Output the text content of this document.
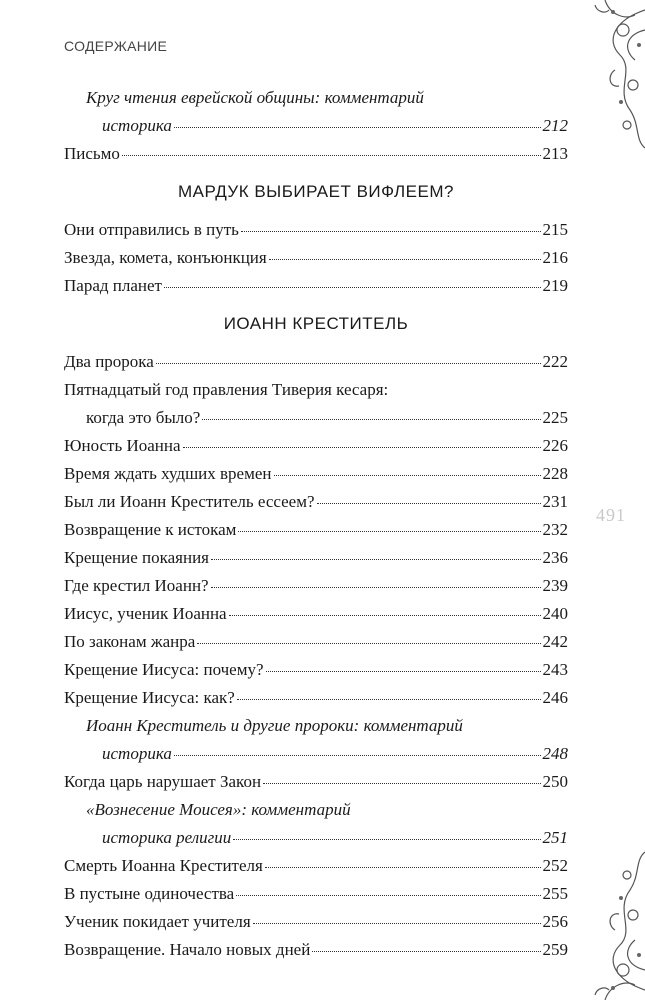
СОДЕРЖАНИЕ
491
Круг чтения еврейской общины: комментарий
историка	212
Письмо	213
МАРДУК ВЫБИРАЕТ ВИФЛЕЕМ?
Они отправились в путь	215
Звезда, комета, конъюнкция	216
Парад планет	219
ИОАНН КРЕСТИТЕЛЬ
Два пророка	222
Пятнадцатый год правления Тиверия кесаря:
когда это было?	225
Юность Иоанна	226
Время ждать худших времен	228
Был ли Иоанн Креститель ессеем?	231
Возвращение к истокам	232
Крещение покаяния	236
Где крестил Иоанн?	239
Иисус, ученик Иоанна	240
По законам жанра	242
Крещение Иисуса: почему?	243
Крещение Иисуса: как?	246
Иоанн Креститель и другие пророки: комментарий
историка	248
Когда царь нарушает Закон	250
«Вознесение Моисея»: комментарий
историка религии	251
Смерть Иоанна Крестителя	252
В пустыне одиночества	255
Ученик покидает учителя	256
Возвращение. Начало новых дней	259
